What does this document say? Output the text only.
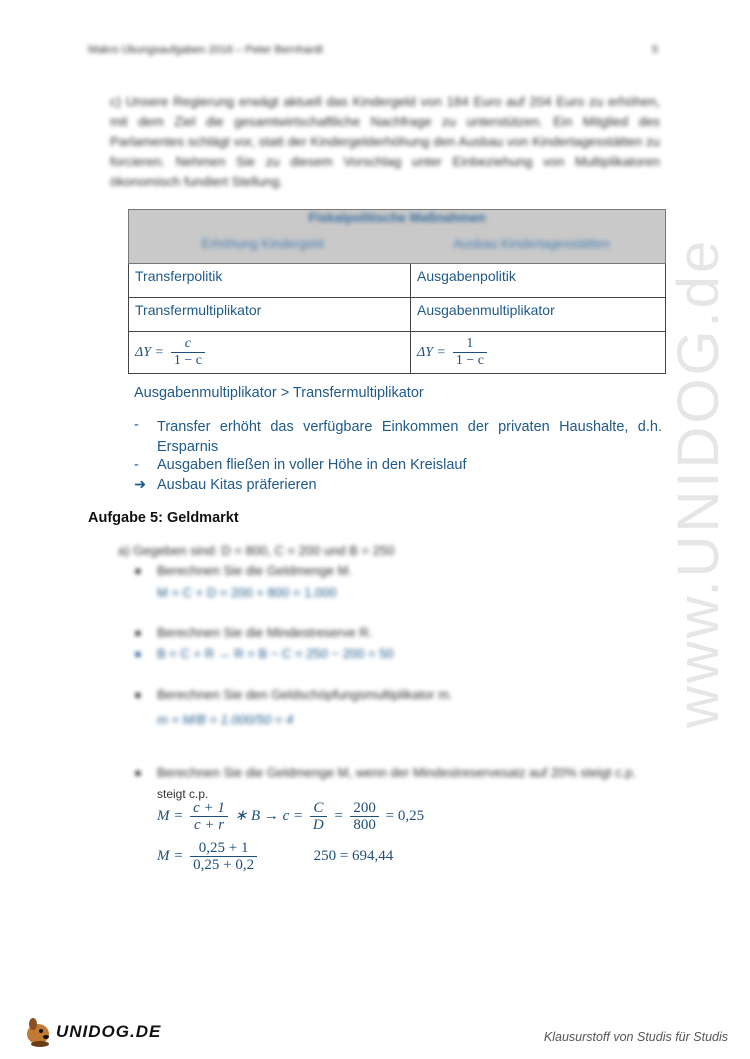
Makro Übungsaufgaben 2016 – Peter Bernhardt	5
c) Unsere Regierung erwägt aktuell das Kindergeld von 184 Euro auf 204 Euro zu erhöhen, mit dem Ziel die gesamtwirtschaftliche Nachfrage zu unterstützen. Ein Mitglied des Parlamentes schlägt vor, statt der Kindergelderhöhung den Ausbau von Kindertagesstätten zu forcieren. Nehmen Sie zu diesem Vorschlag unter Einbeziehung von Multiplikatoren ökonomisch fundiert Stellung.
Fiskalpolitische Maßnahmen
Erhöhung Kindergeld	Ausbau Kindertagesstätten

Transferpolitik	Ausgabenpolitik
Transfermultiplikator	Ausgabenmultiplikator
$\Delta Y = \frac{c}{1 - c}$	$\Delta Y = \frac{1}{1 - c}$
Ausgabenmultiplikator > Transfermultiplikator
- Transfer erhöht das verfügbare Einkommen der privaten Haushalte, d.h. Ersparnis
- Ausgaben fließen in voller Höhe in den Kreislauf
➜ Ausbau Kitas präferieren
Aufgabe 5: Geldmarkt
a) Gegeben sind: D = 800, C = 200 und B = 250
● Berechnen Sie die Geldmenge M.
M = C + D = 200 + 800 = 1.000
● Berechnen Sie die Mindestreserve R.
● B = C + R → R = B − C = 250 − 200 = 50
● Berechnen Sie den Geldschöpfungsmultiplikator m.
m = M/B = 1.000/50 = 4
● Berechnen Sie die Geldmenge M, wenn der Mindestreservesatz auf 20% steigt c.p.
steigt c.p.
$M = \frac{c + 1}{c + r}$ ∗ $B \to c = \frac{C}{D} = \frac{200}{800} = 0,25$
$M = \frac{0,25 + 1}{0,25 + 0,2}$	250 = 694,44
www.UNIDOG.de
UNIDOG.DE	Klausurstoff von Studis für Studis
